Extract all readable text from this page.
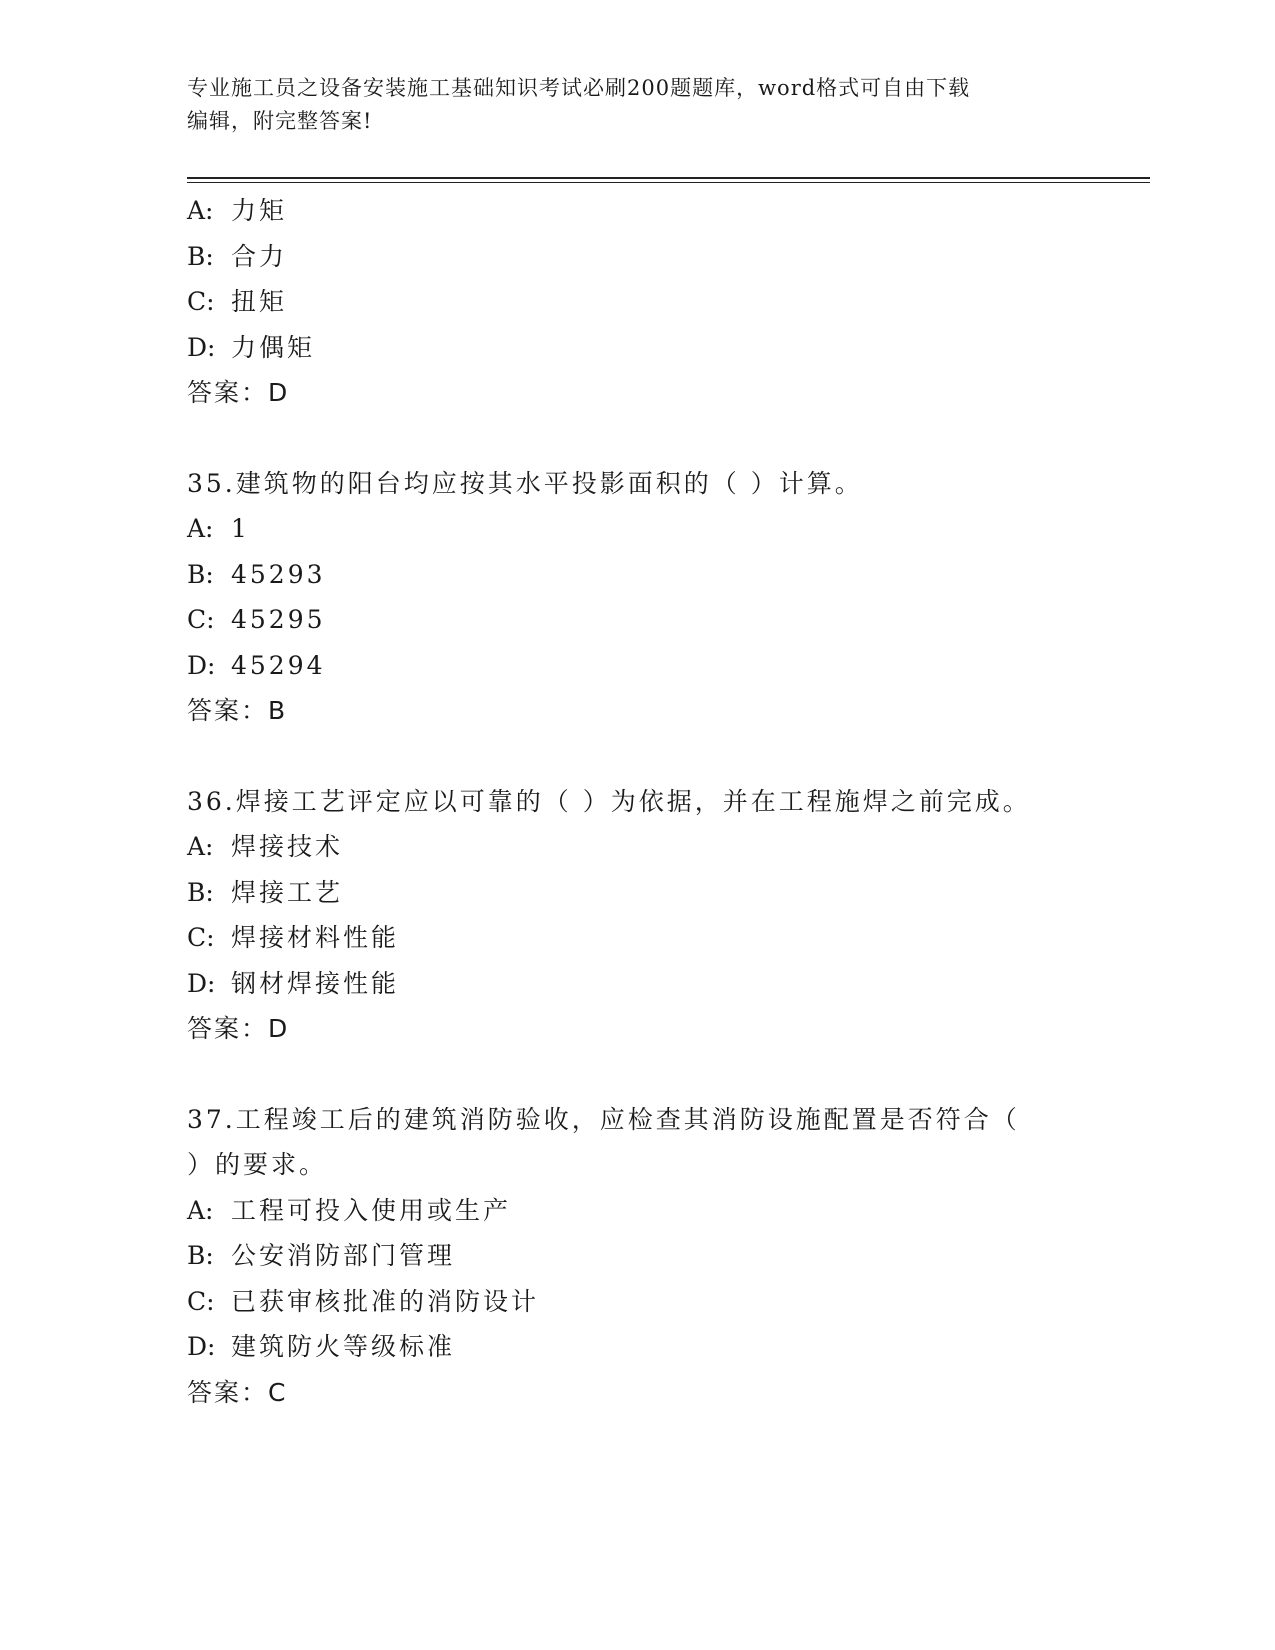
专业施工员之设备安装施工基础知识考试必刷200题题库，word格式可自由下载
编辑，附完整答案!
A: 力矩
B: 合力
C: 扭矩
D: 力偶矩
答案：D
35.建筑物的阳台均应按其水平投影面积的（ ）计算。
A: 1
B: 45293
C: 45295
D: 45294
答案：B
36.焊接工艺评定应以可靠的（ ）为依据，并在工程施焊之前完成。
A: 焊接技术
B: 焊接工艺
C: 焊接材料性能
D: 钢材焊接性能
答案：D
37.工程竣工后的建筑消防验收，应检查其消防设施配置是否符合（
）的要求。
A: 工程可投入使用或生产
B: 公安消防部门管理
C: 已获审核批准的消防设计
D: 建筑防火等级标准
答案：C
